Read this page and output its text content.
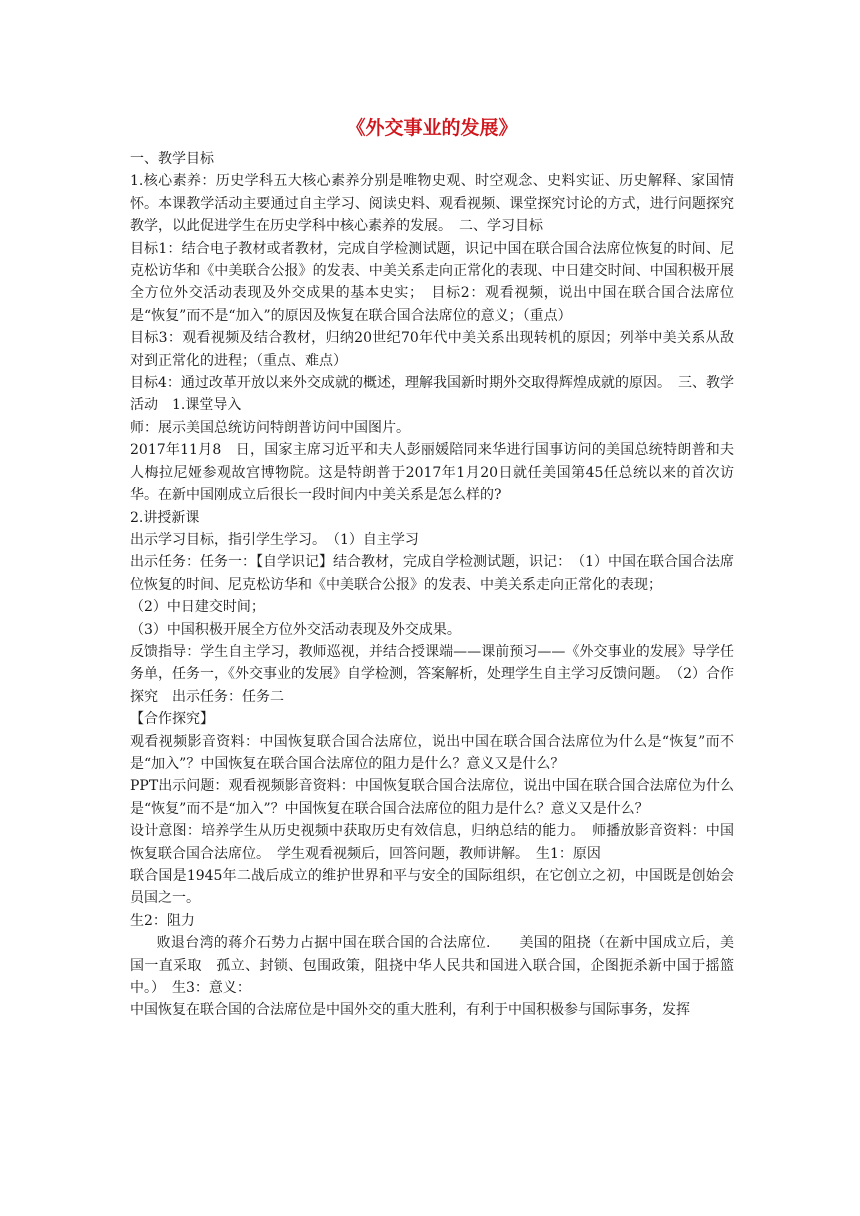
《外交事业的发展》

一、教学目标

1.核心素养：历史学科五大核心素养分别是唯物史观、时空观念、史料实证、历史解释、家国情怀。本课教学活动主要通过自主学习、阅读史料、观看视频、课堂探究讨论的方式，进行问题探究教学，以此促进学生在历史学科中核心素养的发展。　二、学习目标

目标1：结合电子教材或者教材，完成自学检测试题，识记中国在联合国合法席位恢复的时间、尼克松访华和《中美联合公报》的发表、中美关系走向正常化的表现、中日建交时间、中国积极开展全方位外交活动表现及外交成果的基本史实；　目标2：观看视频，说出中国在联合国合法席位是“恢复”而不是“加入”的原因及恢复在联合国合法席位的意义；（重点）

目标3：观看视频及结合教材，归纳20世纪70年代中美关系出现转机的原因；列举中美关系从敌对到正常化的进程；（重点、难点）

目标4：通过改革开放以来外交成就的概述，理解我国新时期外交取得辉煌成就的原因。　三、教学活动　1.课堂导入

师：展示美国总统访问特朗普访问中国图片。

2017年11月8　日，国家主席习近平和夫人彭丽媛陪同来华进行国事访问的美国总统特朗普和夫人梅拉尼娅参观故宫博物院。这是特朗普于2017年1月20日就任美国第45任总统以来的首次访华。在新中国刚成立后很长一段时间内中美关系是怎么样的?

2.讲授新课

出示学习目标，指引学生学习。　（1）自主学习

出示任务：任务一：【自学识记】结合教材，完成自学检测试题，识记：　（1）中国在联合国合法席位恢复的时间、尼克松访华和《中美联合公报》的发表、中美关系走向正常化的表现；

（2）中日建交时间；

（3）中国积极开展全方位外交活动表现及外交成果。

反馈指导：学生自主学习，教师巡视，并结合授课端——课前预习——《外交事业的发展》导学任务单，任务一，《外交事业的发展》自学检测，答案解析，处理学生自主学习反馈问题。　（2）合作探究　出示任务：任务二

【合作探究】

观看视频影音资料：中国恢复联合国合法席位，说出中国在联合国合法席位为什么是“恢复”而不是“加入”？中国恢复在联合国合法席位的阻力是什么？意义又是什么？

PPT出示问题：观看视频影音资料：中国恢复联合国合法席位，说出中国在联合国合法席位为什么是“恢复”而不是“加入”？中国恢复在联合国合法席位的阻力是什么？意义又是什么？

设计意图：培养学生从历史视频中获取历史有效信息，归纳总结的能力。　师播放影音资料：中国恢复联合国合法席位。　学生观看视频后，回答问题，教师讲解。　生1：原因

联合国是1945年二战后成立的维护世界和平与安全的国际组织，在它创立之初，中国既是创始会员国之一。

生2：阻力

败退台湾的蒋介石势力占据中国在联合国的合法席位.　　美国的阻挠（在新中国成立后，美国一直采取　孤立、封锁、包围政策，阻挠中华人民共和国进入联合国，企图扼杀新中国于摇篮中。）　生3：意义：

中国恢复在联合国的合法席位是中国外交的重大胜利，有利于中国积极参与国际事务，发挥
